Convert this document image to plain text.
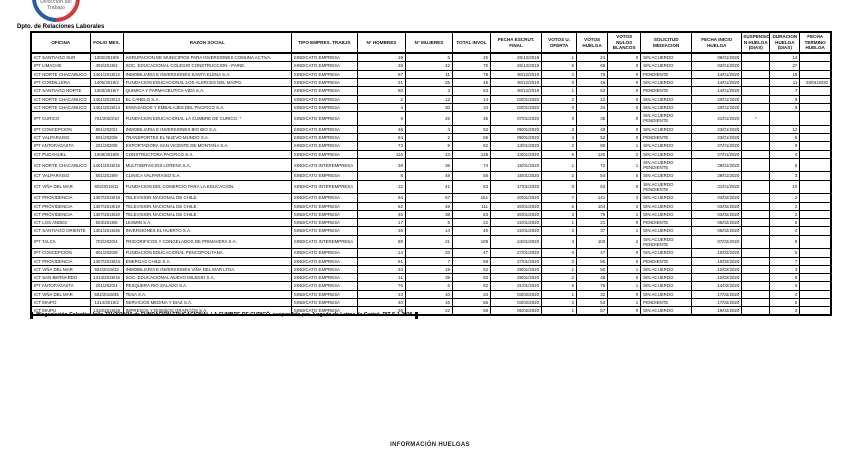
Dirección del
Trabajo
Dpto. de Relaciones Laborales
OFICINA	FOLIO MES.	RAZON SOCIAL	TIPO EMPRES. TRABJS	N° HOMBRES	N° MUJERES	TOTAL INVOL	FECHA ESCRUT. FINAL	VOTOS U. OFERTA	VOTOS HUELGA	VOTOS NULOS BLANCOS	SOLICITUD MEDIACION	FECHA INICIO HUELGA	SUSPENSIO N HUELGA (DIAS)	DURACION HUELGA (DIAS)	FECHA TERMINO HUELGA
ICT SANTIAGO SUR	1302/2019/5	AGRUPACION DE MUNICIPIOS PARA INVERSIONES COMUNA ACTIVA.	SINDICATO EMPRESA	19	6	25	26/12/2019	1	24	0	SIN ACUERDO	06/01/2020		14	
IPT LIMACHE	402/2019/2	SOC. EDUCACIONAL COLEGIO CONSTRUCCION - PAINE.	SINDICATO EMPRESA	28	42	70	26/12/2019	5	65	0	SIN ACUERDO	02/01/2020		27	
ICT NORTE CHACABUCO	1401/2019/12	INMOBILIARIA E INVERSIONES SANTA ELENA S.A.	SINDICATO EMPRESA	67	11	78	30/12/2019	2	76	0	PENDIENTE	14/01/2020		15	
IPT CORDILLERA	1405/2019/2	FUNDACION EDUCACIONAL LOS ALERCES DEL MAIPO.	SINDICATO EMPRESA	21	25	46	30/12/2019	0	46	0	SIN ACUERDO	14/01/2020		11	28/01/2020
ICT SANTIAGO NORTE	1303/2019/7	QUIMICA Y FARMACEUTICA VIDA S.A.	SINDICATO EMPRESA	60	3	63	30/12/2019	1	62	0	PENDIENTE	14/01/2020		7	
ICT NORTE CHACABUCO	1401/2019/13	EL CANELO S.A.	SINDICATO EMPRESA	2	12	14	03/01/2020	2	12	0	SIN ACUERDO	20/01/2020		8	
ICT NORTE CHACABUCO	1401/2019/14	ENVASADOS Y EMBALAJES DEL PACIFICO S.A.	SINDICATO EMPRESA	4	30	34	03/01/2020	0	34	0	SIN ACUERDO	20/01/2020		8	
IPT CURICO	701/2020/10	FUNDACION EDUCACIONAL LA CUMBRE DE CURICO. *	SINDICATO EMPRESA	9	26	35	07/01/2020	0	35	0	SIN ACUERDO PENDIENTE	21/01/2020	*		
IPT CONCEPCION	801/2020/2	INMOBILIARIA E INVERSIONES BIO BIO S.A.	SINDICATO EMPRESA	48	4	52	09/01/2020	3	49	0	SIN ACUERDO	23/01/2020		12	
ICT VALPARAISO	501/2020/6	TRANSPORTES EL NUEVO MUNDO S.A.	SINDICATO EMPRESA	54	2	56	09/01/2020	4	52	0	PENDIENTE	23/01/2020		6	
IPT ANTOFAGASTA	201/2020/5	EXPORTADORA SAN VICENTE DE MONTAÑA S.A.	SINDICATO EMPRESA	73	9	82	13/01/2020	2	80	1	SIN ACUERDO	27/01/2020		9	
ICT PUDAHUEL	1309/2019/8	CONSTRUCTORA PACIFICO S.A.	SINDICATO EMPRESA	115	13	128	13/01/2020	6	120	2	SIN ACUERDO	27/01/2020		4	
ICT NORTE CHACABUCO	1401/2019/15	MULTISERVICIOS LORENA S.A.	SINDICATO INTEREMPRESA	38	36	74	15/01/2020	1	72	1	SIN ACUERDO PENDIENTE	29/01/2020		5	
ICT VALPARAISO	501/2019/9	CLINICA VALPARAISO S.A.	SINDICATO EMPRESA	8	48	56	15/01/2020	2	54	0	SIN ACUERDO	29/01/2020		3	
ICT VIÑA DEL MAR	502/2019/11	FUNDACION DEL COMERCIO PARA LA EDUCACION.	SINDICATO INTEREMPRESA	12	41	53	17/01/2020	0	53	0	SIN ACUERDO PENDIENTE	31/01/2020		10	
ICT PROVIDENCIA	1307/2019/18	TELEVISION NACIONAL DE CHILE.	SINDICATO EMPRESA	94	57	151	20/01/2020	7	141	3	SIN ACUERDO	03/02/2020		2	
ICT PROVIDENCIA	1307/2019/19	TELEVISION NACIONAL DE CHILE.	SINDICATO EMPRESA	62	49	111	20/01/2020	5	104	2	SIN ACUERDO	03/02/2020		2	
ICT PROVIDENCIA	1307/2019/20	TELEVISION NACIONAL DE CHILE.	SINDICATO EMPRESA	45	38	83	20/01/2020	3	79	1	SIN ACUERDO	03/02/2020		2	
ICT LOS ANDES	503/2019/6	LESMIN S.A.	SINDICATO EMPRESA	17	5	22	22/01/2020	1	21	0	PENDIENTE	05/02/2020		6	
ICT SANTIAGO ORIENTE	1301/2019/26	INVERSIONES EL HUERTO S.A.	SINDICATO EMPRESA	26	14	40	22/01/2020	2	37	1	SIN ACUERDO	05/02/2020		4	
IPT TALCA	702/2020/4	FRIGORIFICOS Y CONGELADOS DE PRIMAVERA S.A.	SINDICATO INTEREMPRESA	88	21	109	24/01/2020	4	103	2	SIN ACUERDO PENDIENTE	07/02/2020		9	
IPT CONCEPCION	801/2020/8	FUNDACION EDUCACIONAL PENCOPOLITANA.	SINDICATO EMPRESA	14	33	47	27/01/2020	0	47	0	SIN ACUERDO	10/02/2020		5	
ICT PROVIDENCIA	1307/2019/24	ENERGAS CHILE S.A.	SINDICATO EMPRESA	51	7	58	27/01/2020	3	55	0	PENDIENTE	10/02/2020		7	
ICT VIÑA DEL MAR	502/2019/32	INMOBILIARIA E INVERSIONES VIÑA DEL MAR LTDA.	SINDICATO EMPRESA	33	19	52	29/01/2020	1	50	1	SIN ACUERDO	12/02/2020		3	
ICT SAN BERNARDO	1314/2019/16	SOC. EDUCACIONAL NUEVO MILENIO S.A.	SINDICATO EMPRESA	11	39	50	29/01/2020	2	48	0	SIN ACUERDO	12/02/2020		8	
IPT ANTOFAGASTA	201/2020/4	PESQUERA RIO SALADO S.A.	SINDICATO EMPRESA	76	6	82	31/01/2020	5	76	1	SIN ACUERDO	14/02/2020		6	
ICT VIÑA DEL MAR	502/2019/35	TESA S.A.	SINDICATO EMPRESA	23	10	33	03/02/2020	1	32	0	SIN ACUERDO	17/02/2020		4	
ICT MAIPO	1314/2019/2	SERVICIOS MEDINA Y DIAZ S.A.	SINDICATO EMPRESA	40	16	56	03/02/2020	2	53	1	PENDIENTE	17/02/2020		5	
ICT MAIPU	1310/2019/28	IMPRESOS Y DISEÑOS GRAFICOS S.A.	SINDICATO EMPRESA	36	22	58	05/02/2020	1	57	0	SIN ACUERDO	19/02/2020		3	
*Negociación Colectiva folio 701/2020/10 de FUNDACIÓN EDUCACIONAL LA CUMBRE DE CURICÓ, suspendida por Juzgado de Letras de Curicó, RIT S-1-2020
INFORMACIÓN HUELGAS
